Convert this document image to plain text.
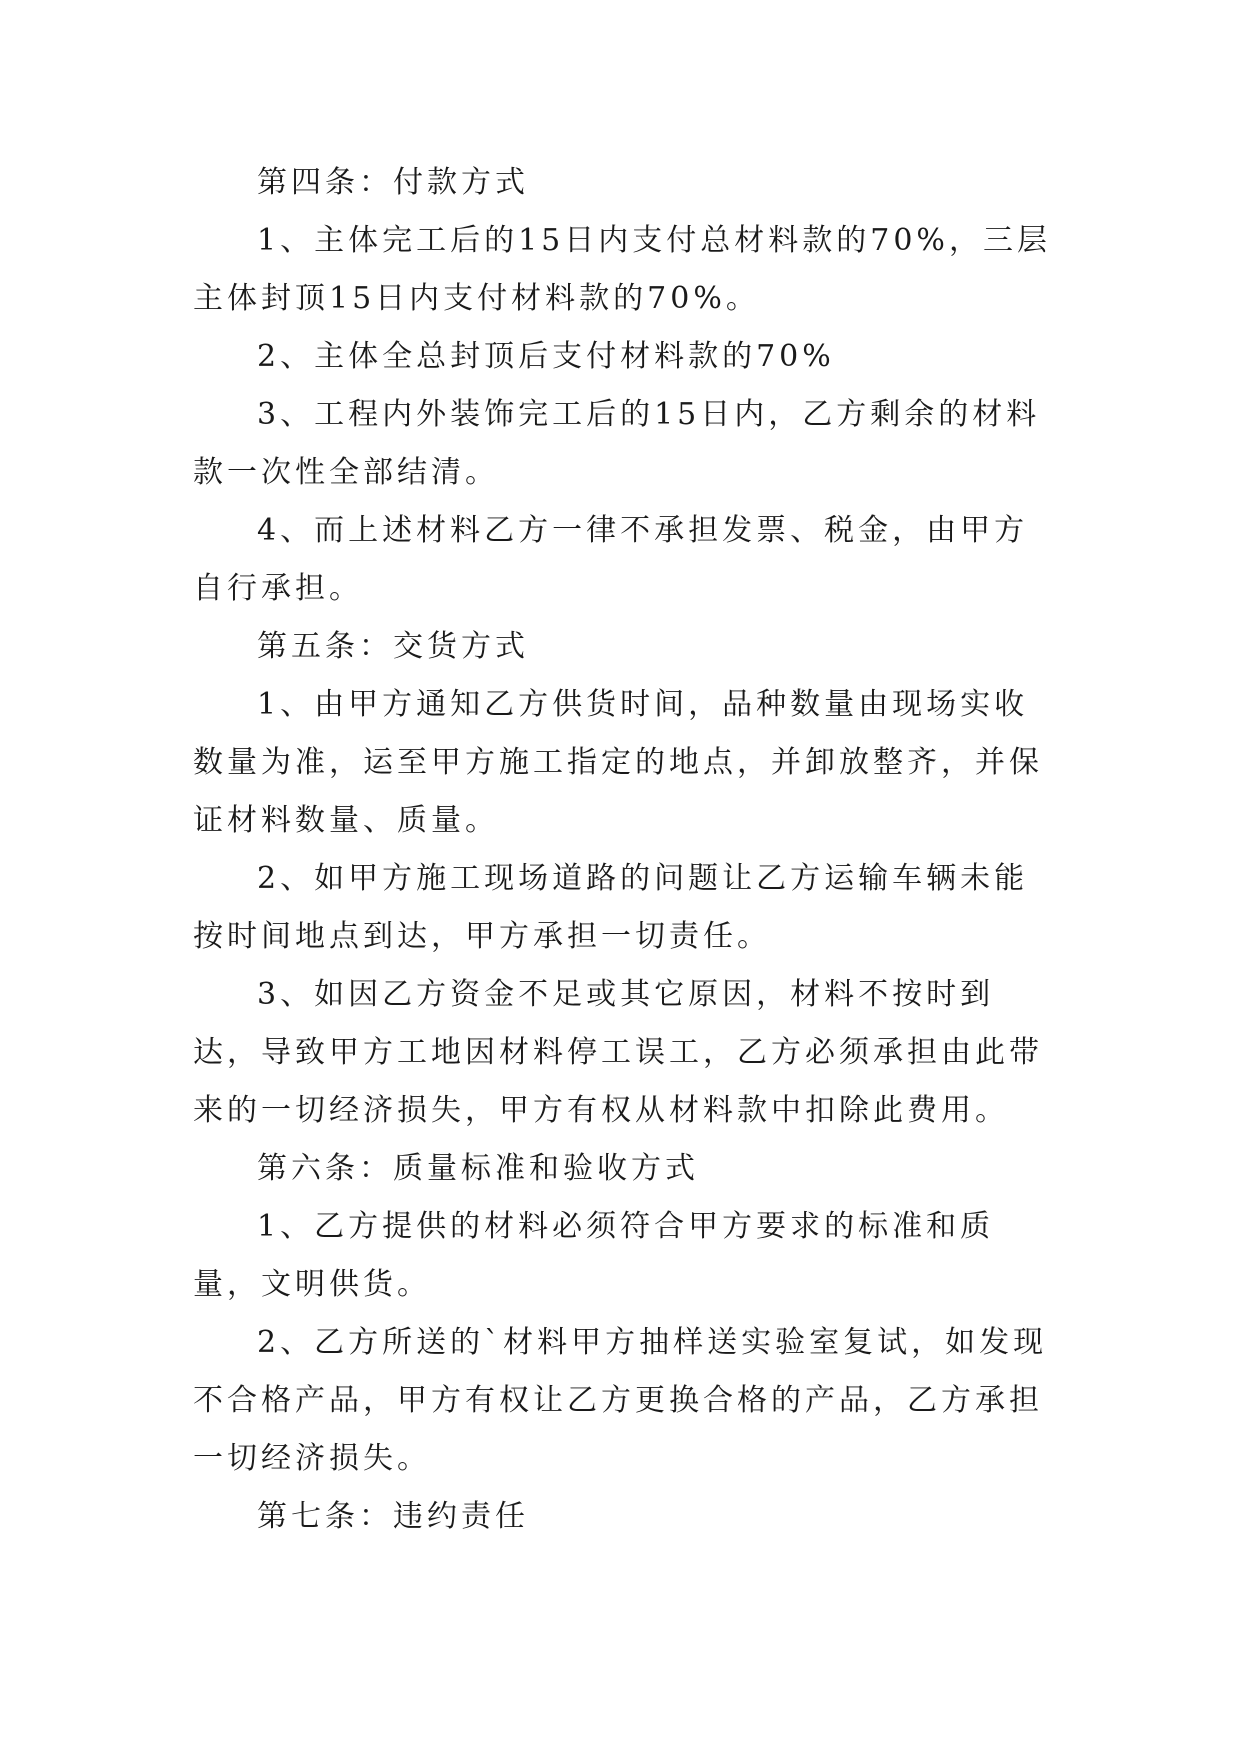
第四条：付款方式

1、主体完工后的15日内支付总材料款的70%，三层主体封顶15日内支付材料款的70%。

2、主体全总封顶后支付材料款的70%

3、工程内外装饰完工后的15日内，乙方剩余的材料款一次性全部结清。

4、而上述材料乙方一律不承担发票、税金，由甲方自行承担。

第五条：交货方式

1、由甲方通知乙方供货时间，品种数量由现场实收数量为准，运至甲方施工指定的地点，并卸放整齐，并保证材料数量、质量。

2、如甲方施工现场道路的问题让乙方运输车辆未能按时间地点到达，甲方承担一切责任。

3、如因乙方资金不足或其它原因，材料不按时到达，导致甲方工地因材料停工误工，乙方必须承担由此带来的一切经济损失，甲方有权从材料款中扣除此费用。

第六条：质量标准和验收方式

1、乙方提供的材料必须符合甲方要求的标准和质量，文明供货。

2、乙方所送的`材料甲方抽样送实验室复试，如发现不合格产品，甲方有权让乙方更换合格的产品，乙方承担一切经济损失。

第七条：违约责任
